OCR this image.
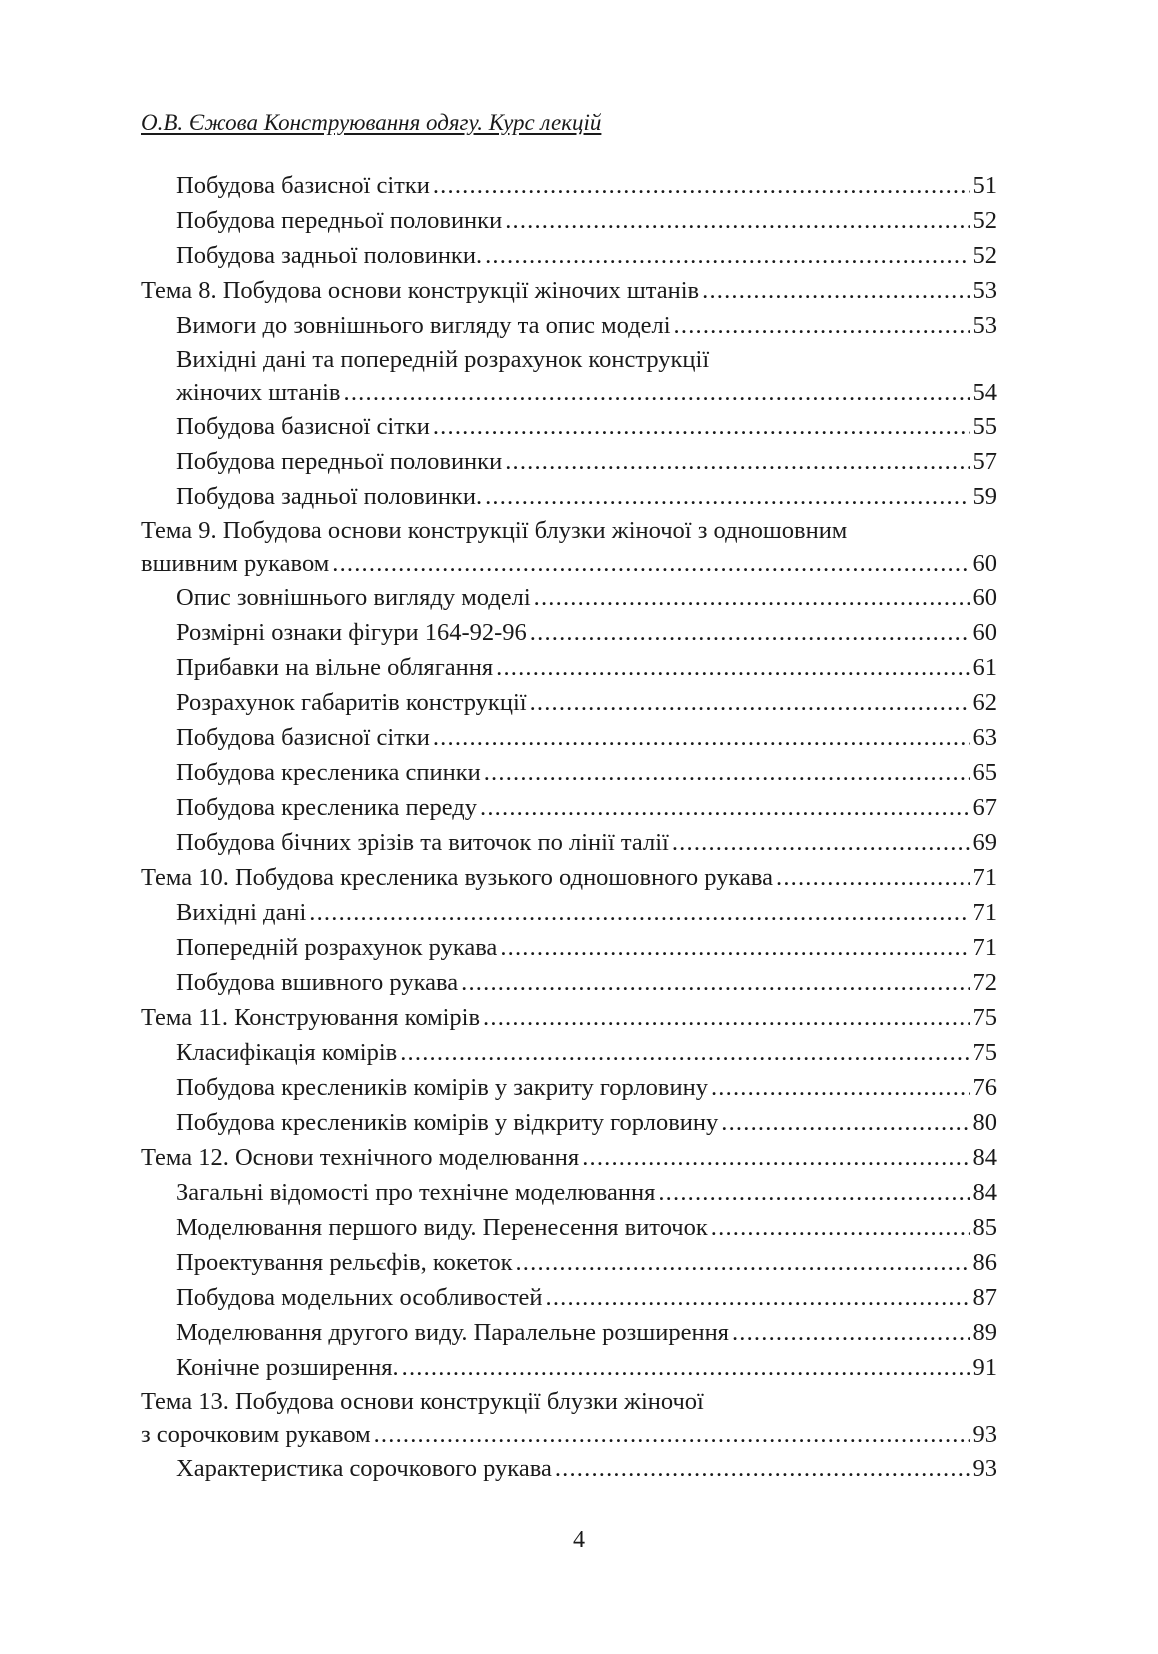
О.В. Єжова Конструювання одягу. Курс лекцій
Побудова базисної сітки .....	51
Побудова передньої половинки .....	52
Побудова задньої половинки. .....	52
Тема 8. Побудова основи конструкції жіночих штанів .....	53
Вимоги до зовнішнього вигляду та опис моделі .....	53
Вихідні дані та попередній розрахунок конструкції
жіночих штанів .....	54
Побудова базисної сітки .....	55
Побудова передньої половинки .....	57
Побудова задньої половинки. .....	59
Тема 9. Побудова основи конструкції блузки жіночої з одношовним
вшивним рукавом .....	60
Опис зовнішнього вигляду моделі .....	60
Розмірні ознаки фігури 164-92-96 .....	60
Прибавки на вільне облягання .....	61
Розрахунок габаритів конструкції .....	62
Побудова базисної сітки .....	63
Побудова кресленика спинки .....	65
Побудова кресленика переду .....	67
Побудова бічних зрізів та виточок по лінії талії .....	69
Тема 10. Побудова кресленика вузького одношовного рукава .....	71
Вихідні дані .....	71
Попередній розрахунок рукава .....	71
Побудова вшивного рукава .....	72
Тема 11. Конструювання комірів .....	75
Класифікація комірів .....	75
Побудова креслеників комірів у закриту горловину .....	76
Побудова креслеників комірів у відкриту горловину .....	80
Тема 12. Основи технічного моделювання .....	84
Загальні відомості про технічне моделювання .....	84
Моделювання першого виду. Перенесення виточок .....	85
Проектування рельєфів, кокеток .....	86
Побудова модельних особливостей .....	87
Моделювання другого виду. Паралельне розширення .....	89
Конічне розширення. .....	91
Тема 13. Побудова основи конструкції блузки жіночої
з сорочковим рукавом .....	93
Характеристика сорочкового рукава .....	93
4
